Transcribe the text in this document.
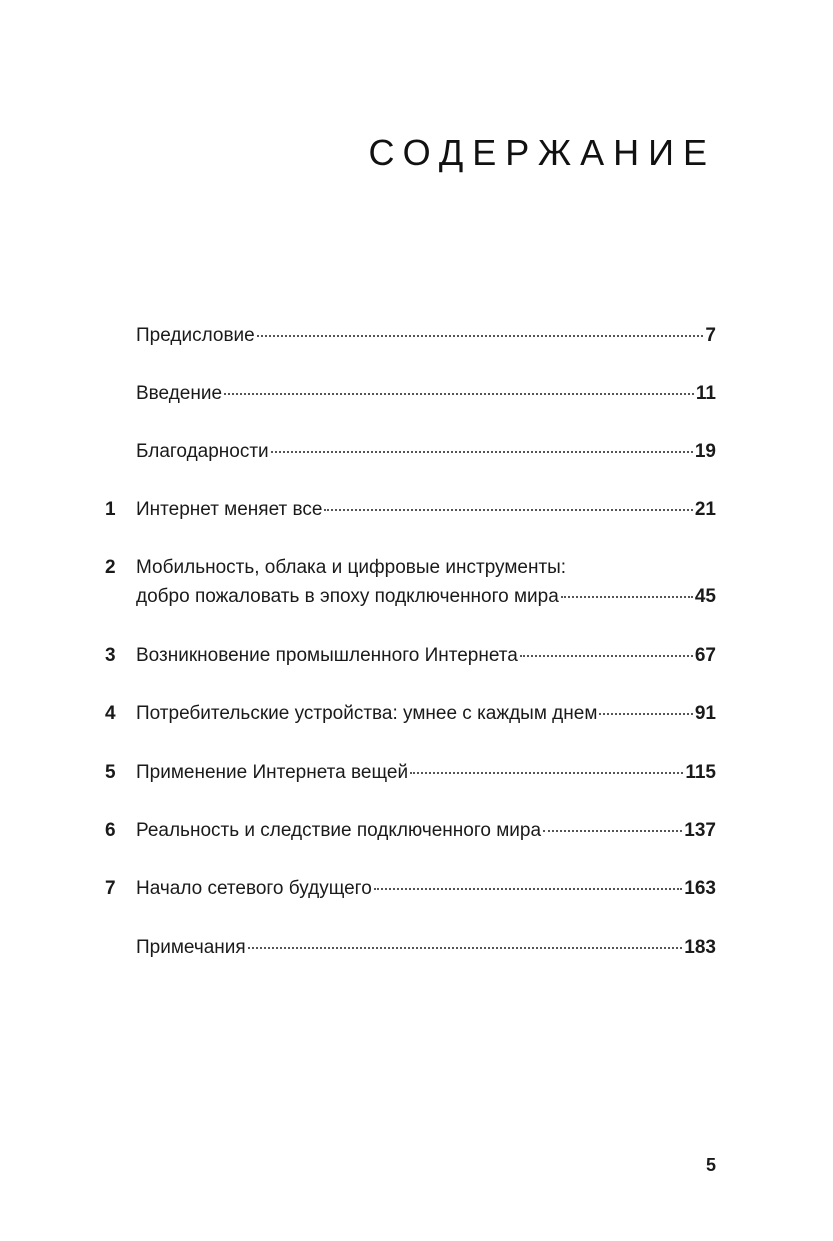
СОДЕРЖАНИЕ
Предисловие	7
Введение	11
Благодарности	19
1	Интернет меняет все	21
2	Мобильность, облака и цифровые инструменты:
добро пожаловать в эпоху подключенного мира	45
3	Возникновение промышленного Интернета	67
4	Потребительские устройства: умнее с каждым днем	91
5	Применение Интернета вещей	115
6	Реальность и следствие подключенного мира	137
7	Начало сетевого будущего	163
Примечания	183
5
